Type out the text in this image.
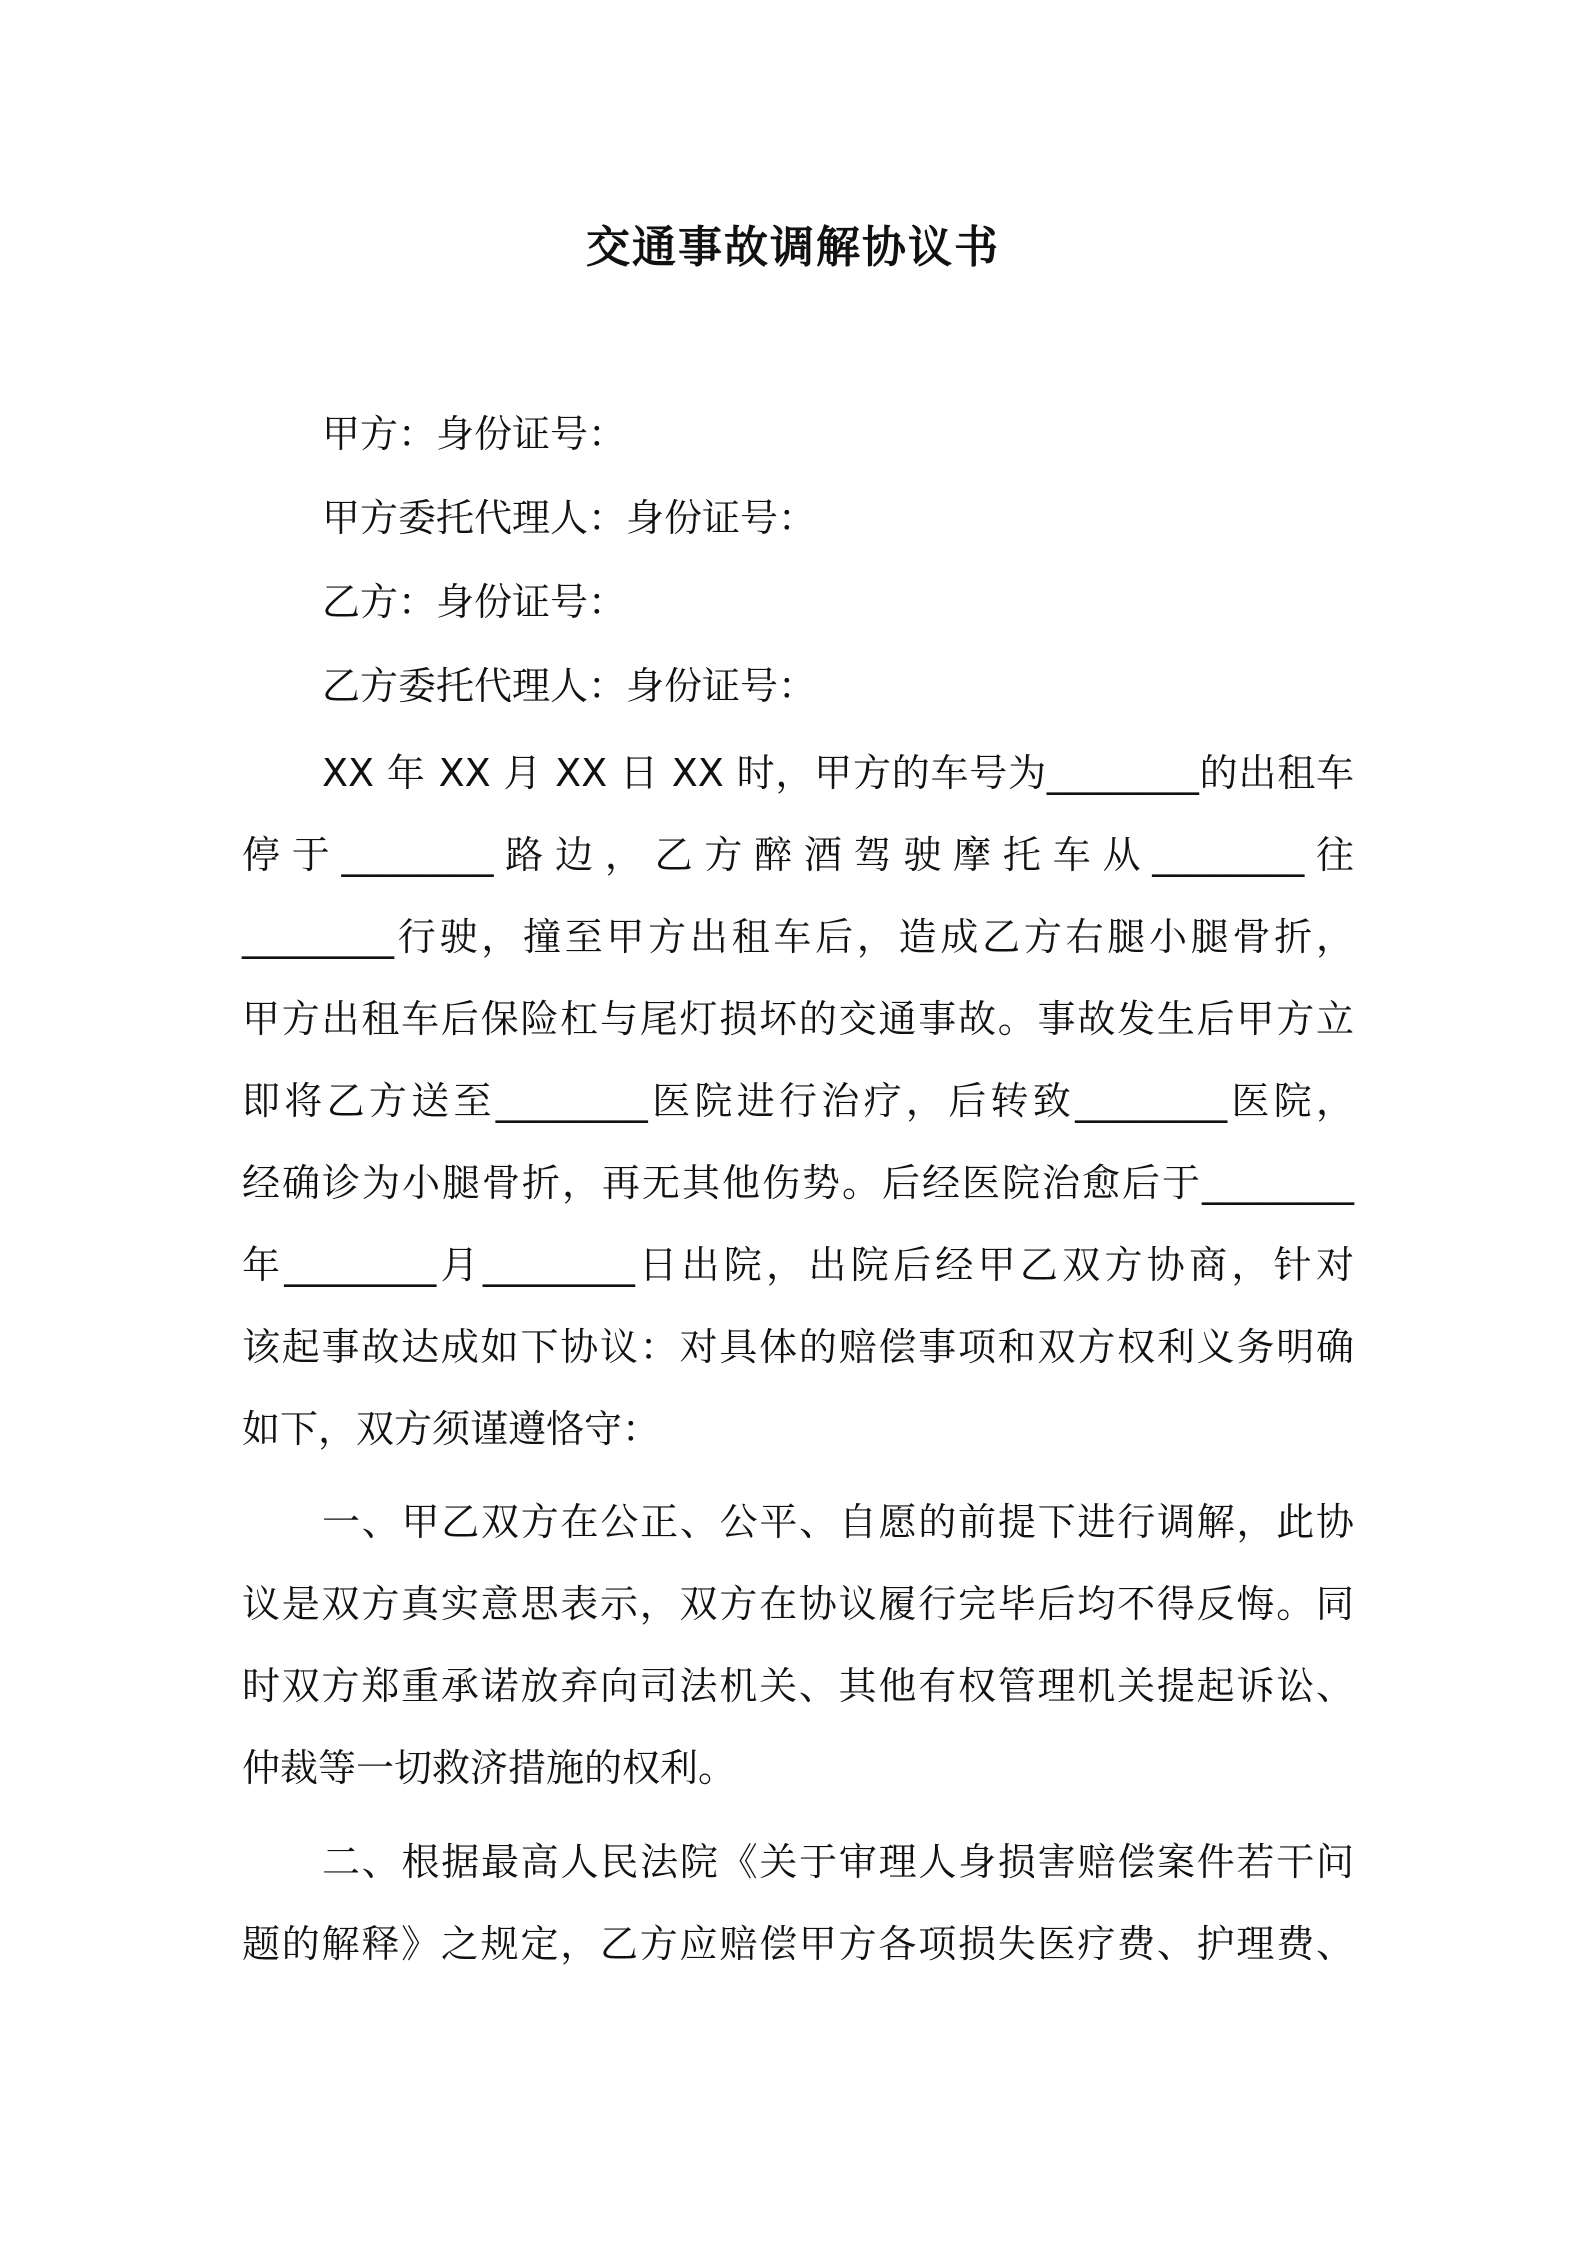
交通事故调解协议书
甲方：身份证号：
甲方委托代理人：身份证号：
乙方：身份证号：
乙方委托代理人：身份证号：
XX 年 XX 月 XX 日 XX 时，甲方的车号为________的出租车
停于________路边，乙方醉酒驾驶摩托车从________往
________行驶，撞至甲方出租车后，造成乙方右腿小腿骨折，
甲方出租车后保险杠与尾灯损坏的交通事故。事故发生后甲方立
即将乙方送至________医院进行治疗，后转致________医院，
经确诊为小腿骨折，再无其他伤势。后经医院治愈后于________
年________月________日出院，出院后经甲乙双方协商，针对
该起事故达成如下协议：对具体的赔偿事项和双方权利义务明确
如下，双方须谨遵恪守：
一、甲乙双方在公正、公平、自愿的前提下进行调解，此协
议是双方真实意思表示，双方在协议履行完毕后均不得反悔。同
时双方郑重承诺放弃向司法机关、其他有权管理机关提起诉讼、
仲裁等一切救济措施的权利。
二、根据最高人民法院《关于审理人身损害赔偿案件若干问
题的解释》之规定，乙方应赔偿甲方各项损失医疗费、护理费、
